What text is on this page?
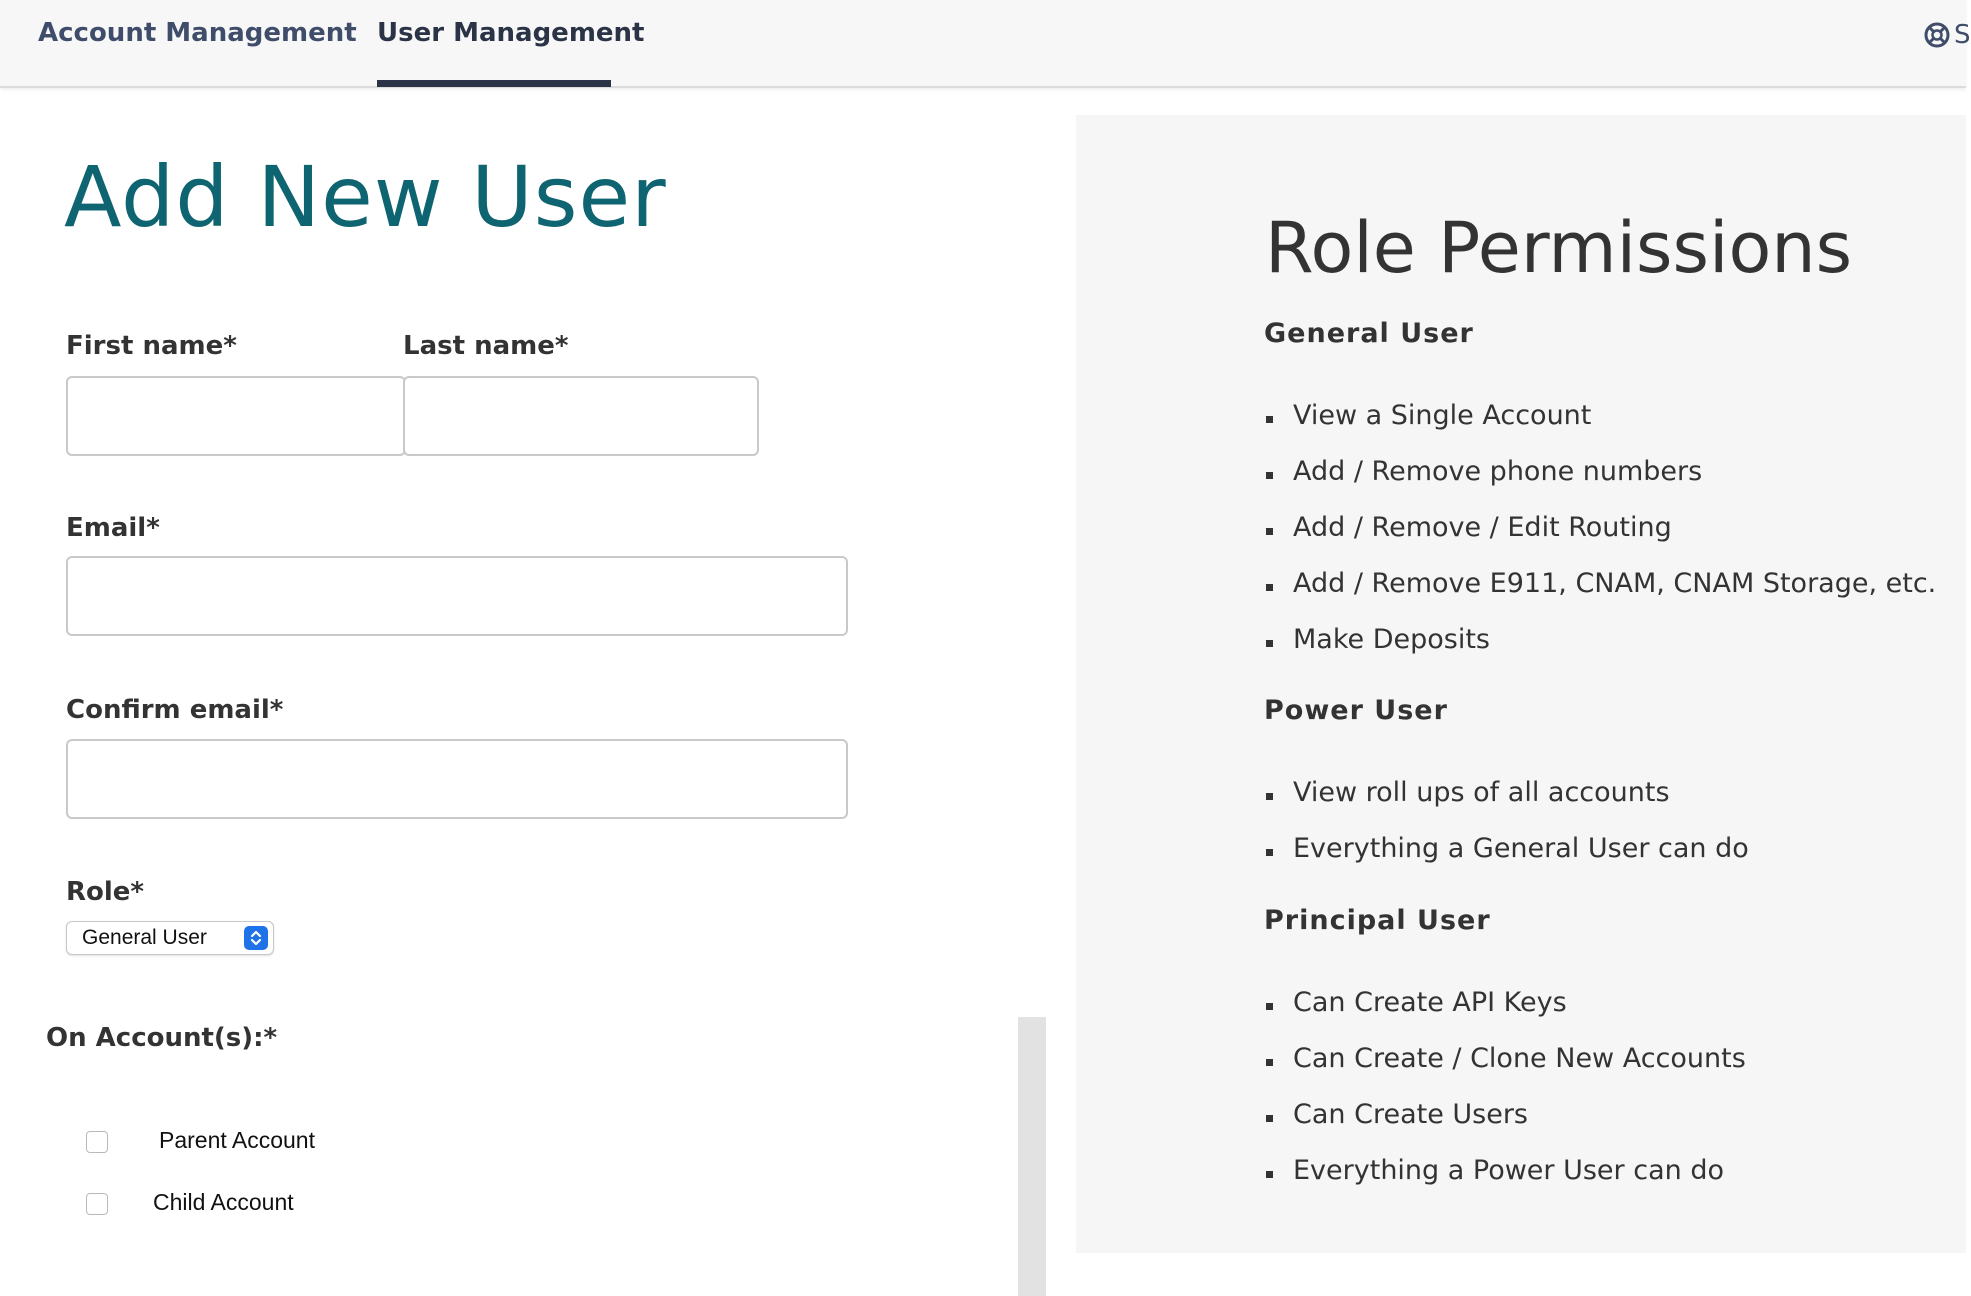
Account Management User Management	S
Add New User
First name*	Last name*
Email*
Confirm email*
Role*
General User
On Account(s):*
Parent Account
Child Account
Role Permissions
General User
View a Single Account
Add / Remove phone numbers
Add / Remove / Edit Routing
Add / Remove E911, CNAM, CNAM Storage, etc.
Make Deposits
Power User
View roll ups of all accounts
Everything a General User can do
Principal User
Can Create API Keys
Can Create / Clone New Accounts
Can Create Users
Everything a Power User can do
